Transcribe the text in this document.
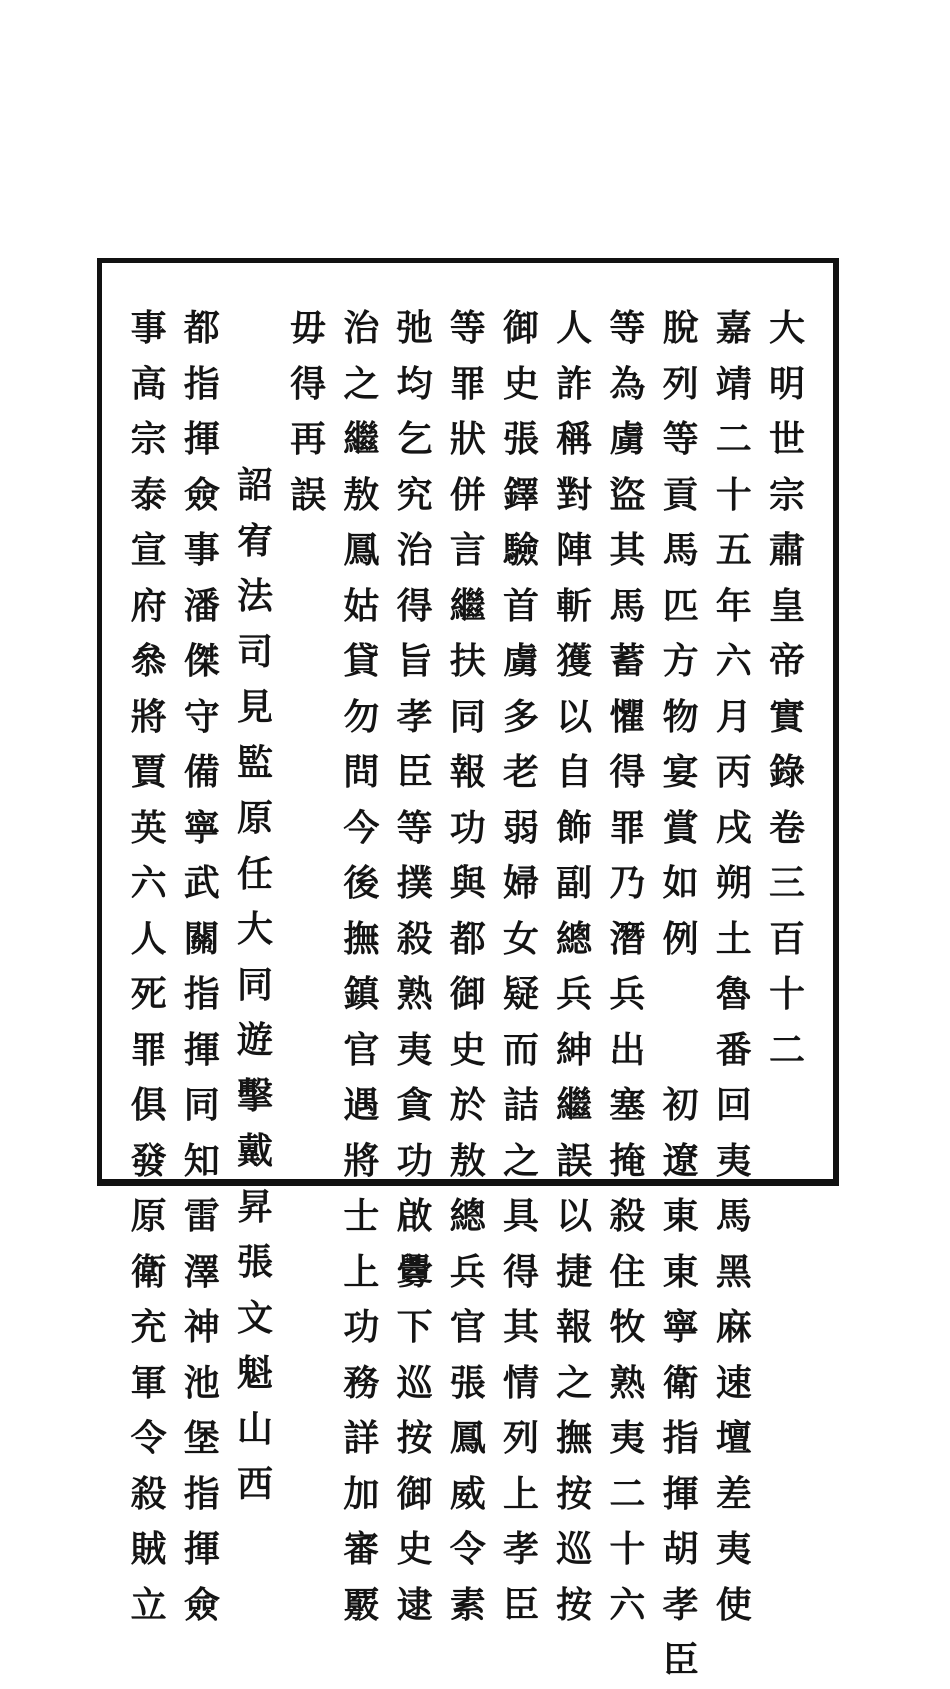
大
明
世
宗
肅
皇
帝
實
錄
卷
三
百
十
二
嘉
靖
二
十
五
年
六
月
丙
戌
朔
土
魯
番
回
夷
馬
黑
麻
速
壇
差
夷
使
脫
列
等
貢
馬
匹
方
物
宴
賞
如
例
初
遼
東
東
寧
衛
指
揮
胡
孝
臣
等
為
虜
盜
其
馬
蓄
懼
得
罪
乃
潛
兵
出
塞
掩
殺
住
牧
熟
夷
二
十
六
人
詐
稱
對
陣
斬
獲
以
自
飾
副
總
兵
紳
繼
誤
以
捷
報
之
撫
按
巡
按
御
史
張
鐸
驗
首
虜
多
老
弱
婦
女
疑
而
詰
之
具
得
其
情
列
上
孝
臣
等
罪
狀
併
言
繼
扶
同
報
功
與
都
御
史
於
敖
總
兵
官
張
鳳
威
令
素
弛
均
乞
究
治
得
旨
孝
臣
等
撲
殺
熟
夷
貪
功
啟
釁
下
巡
按
御
史
逮
治
之
繼
敖
鳳
姑
貸
勿
問
今
後
撫
鎮
官
遇
將
士
上
功
務
詳
加
審
覈
毋
得
再
誤
詔
宥
法
司
見
監
原
任
大
同
遊
擊
戴
昇
張
文
魁
山
西
都
指
揮
僉
事
潘
傑
守
備
寧
武
關
指
揮
同
知
雷
澤
神
池
堡
指
揮
僉
事
高
宗
泰
宣
府
叅
將
賈
英
六
人
死
罪
俱
發
原
衛
充
軍
令
殺
賊
立
